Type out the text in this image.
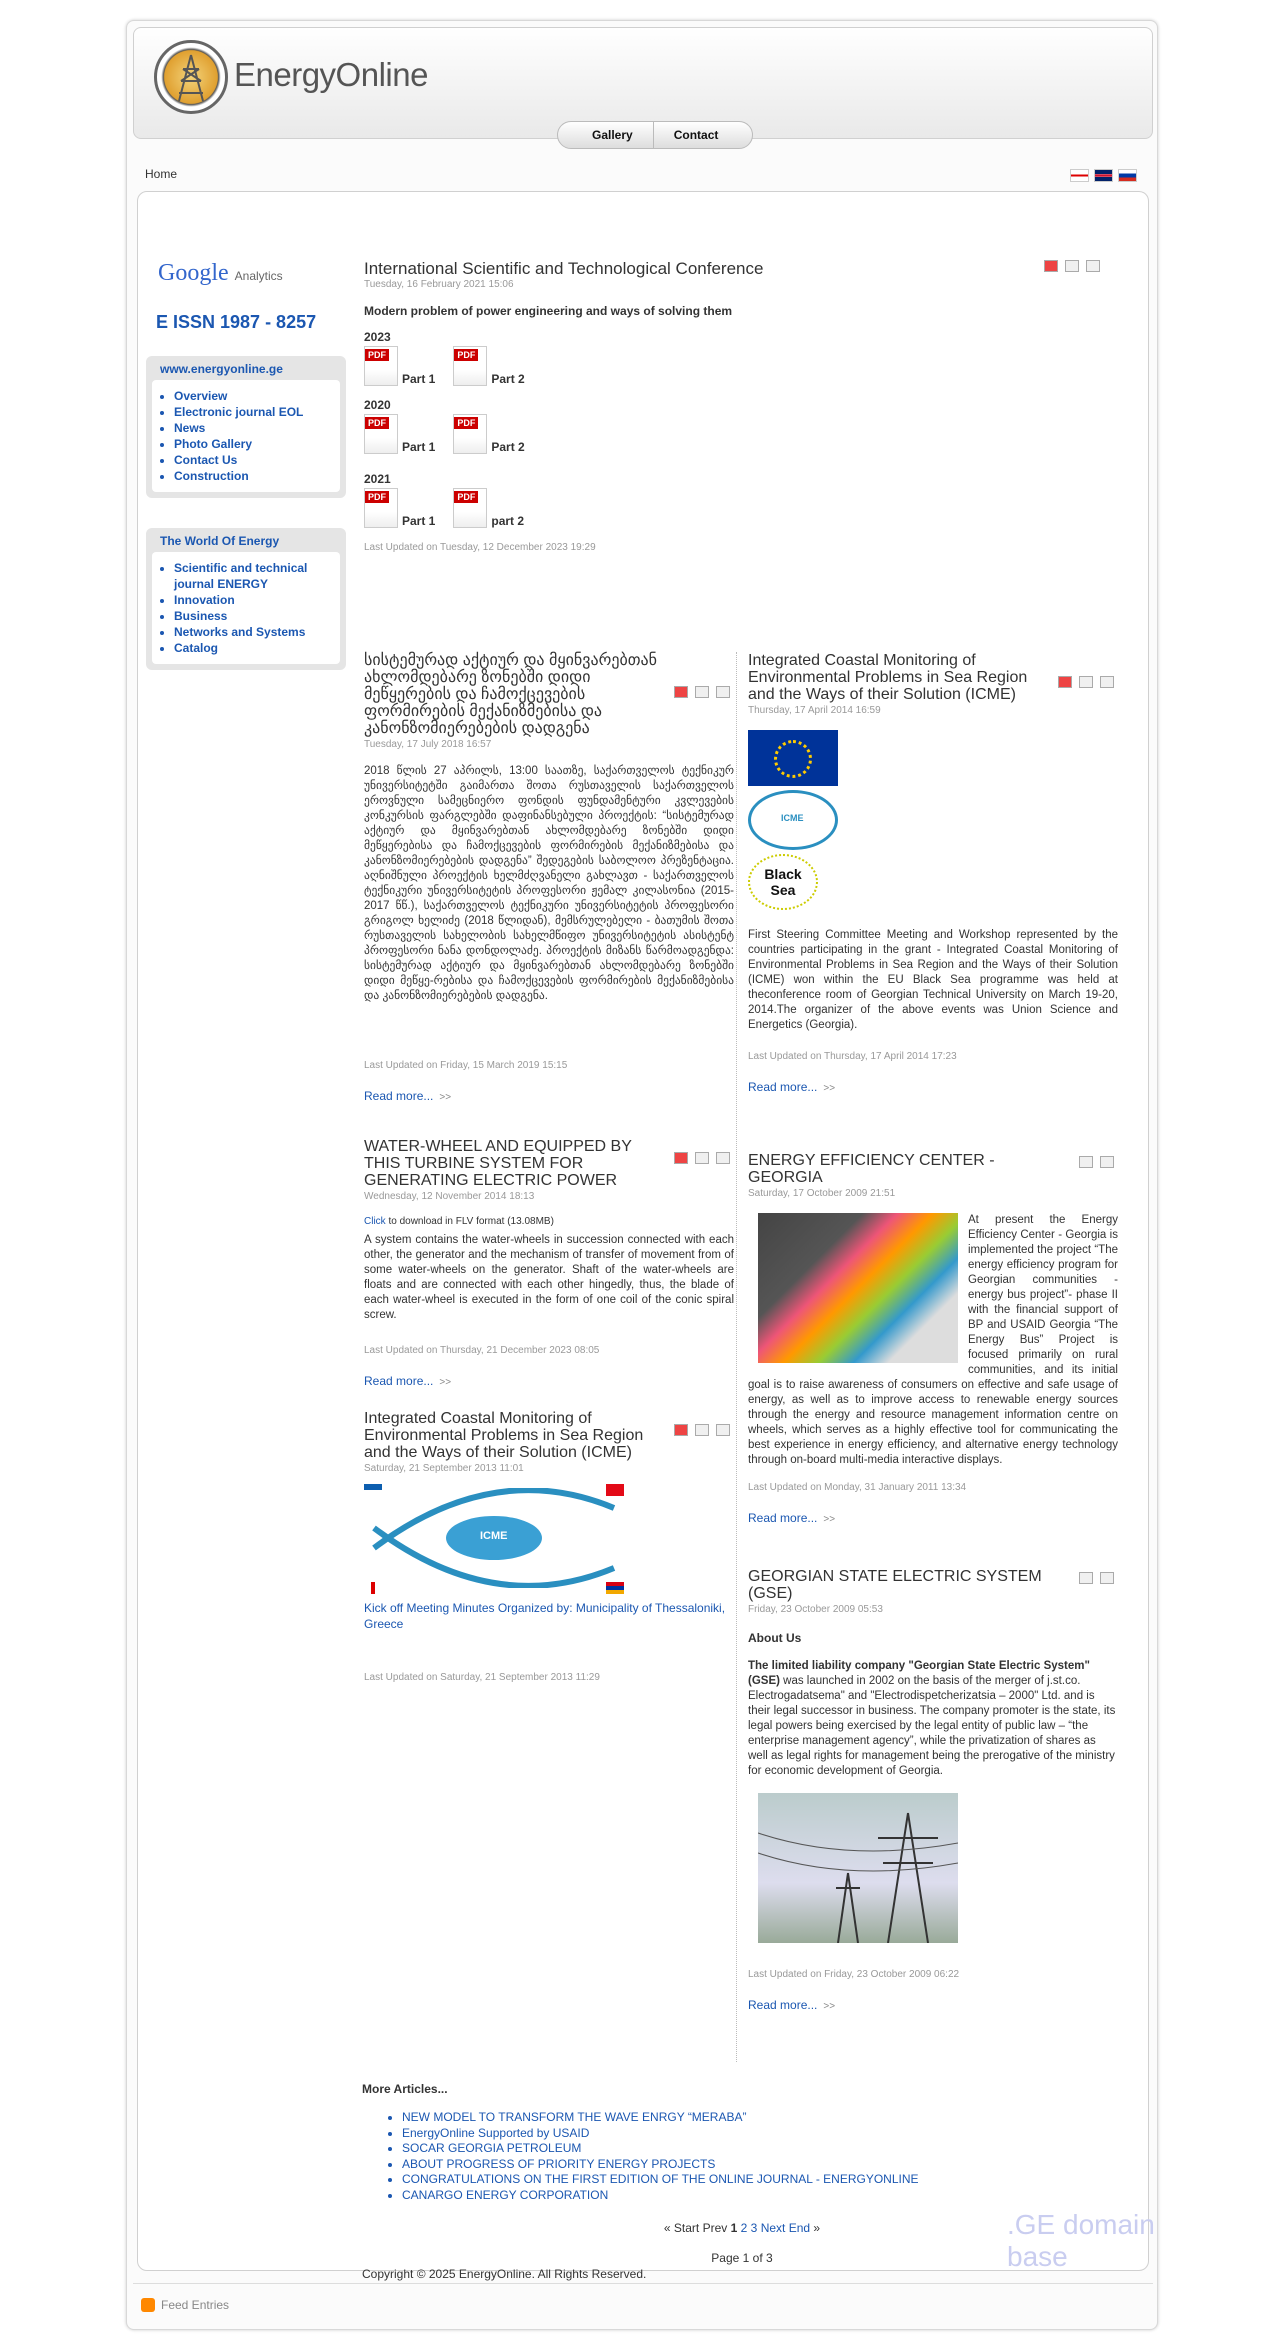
EnergyOnline
Gallery	Contact
Home
Google Analytics
E ISSN 1987 - 8257
www.energyonline.ge
• Overview
• Electronic journal EOL
• News
• Photo Gallery
• Contact Us
• Construction
The World Of Energy
• Scientific and technical journal ENERGY
• Innovation
• Business
• Networks and Systems
• Catalog
International Scientific and Technological Conference
Tuesday, 16 February 2021 15:06
Modern problem of power engineering and ways of solving them
2023
PDF
Part 1 PDF	Part 2
2020
PDF
Part 1 PDF	Part 2
2021
PDF
Part 1 PDF	part 2
Last Updated on Tuesday, 12 December 2023 19:29
სისტემურად აქტიურ და მყინვარებთან ახლომდებარე ზონებში დიდი მეწყერების და ჩამოქცევების ფორმირების მექანიზმებისა და კანონზომიერებების დადგენა
Tuesday, 17 July 2018 16:57
2018 წლის 27 აპრილს, 13:00 საათზე, საქართველოს ტექნიკურ უნივერსიტეტში გაიმართა შოთა რუსთაველის საქართველოს ეროვნული სამეცნიერო ფონდის ფუნდამენტური კვლევების კონკურსის ფარგლებში დაფინანსებული პროექტის: “სისტემურად აქტიურ და მყინვარებთან ახლომდებარე ზონებში დიდი მეწყერებისა და ჩამოქცევების ფორმირების მექანიზმებისა და კანონზომიერებების დადგენა” შედეგების საბოლოო პრეზენტაცია. აღნიშნული პროექტის ხელმძღვანელი გახლავთ - საქართველოს ტექნიკური უნივერსიტეტის პროფესორი ჟემალ კილასონია (2015-2017 წწ.), საქართველოს ტექნიკური უნივერსიტეტის პროფესორი გრიგოლ ხელიძე (2018 წლიდან), მემსრულებელი - ბათუმის შოთა რუსთაველის სახელობის სახელმწიფო უნივერსიტეტის ასისტენტ პროფესორი ნანა დონდოლაძე. პროექტის მიზანს წარმოადგენდა: სისტემურად აქტიურ და მყინვარებთან ახლომდებარე ზონებში დიდი მეწყე-რებისა და ჩამოქცევების ფორმირების მექანიზმებისა და კანონზომიერებების დადგენა.
Last Updated on Friday, 15 March 2019 15:15
Read more... >>
WATER-WHEEL AND EQUIPPED BY THIS TURBINE SYSTEM FOR GENERATING ELECTRIC POWER
Wednesday, 12 November 2014 18:13
Click to download in FLV format (13.08MB)
A system contains the water-wheels in succession connected with each other, the generator and the mechanism of transfer of movement from of some water-wheels on the generator. Shaft of the water-wheels are floats and are connected with each other hingedly, thus, the blade of each water-wheel is executed in the form of one coil of the conic spiral screw.
Last Updated on Thursday, 21 December 2023 08:05
Read more... >>
Integrated Coastal Monitoring of Environmental Problems in Sea Region and the Ways of their Solution (ICME)
Saturday, 21 September 2013 11:01
ICME
Kick off Meeting Minutes Organized by: Municipality of Thessaloniki, Greece
Last Updated on Saturday, 21 September 2013 11:29
Integrated Coastal Monitoring of Environmental Problems in Sea Region and the Ways of their Solution (ICME)
Thursday, 17 April 2014 16:59
ICME
Black Sea
First Steering Committee Meeting and Workshop represented by the countries participating in the grant - Integrated Coastal Monitoring of Environmental Problems in Sea Region and the Ways of their Solution (ICME) won within the EU Black Sea programme was held at theconference room of Georgian Technical University on March 19-20, 2014.The organizer of the above events was Union Science and Energetics (Georgia).
Last Updated on Thursday, 17 April 2014 17:23
Read more... >>
ENERGY EFFICIENCY CENTER - GEORGIA
Saturday, 17 October 2009 21:51
At present the Energy Efficiency Center - Georgia is implemented the project “The energy efficiency program for Georgian communities - energy bus project”- phase II with the financial support of BP and USAID Georgia “The Energy Bus” Project is focused primarily on rural communities, and its initial goal is to raise awareness of consumers on effective and safe usage of energy, as well as to improve access to renewable energy sources through the energy and resource management information centre on wheels, which serves as a highly effective tool for communicating the best experience in energy efficiency, and alternative energy technology through on-board multi-media interactive displays.
Last Updated on Monday, 31 January 2011 13:34
Read more... >>
GEORGIAN STATE ELECTRIC SYSTEM (GSE)
Friday, 23 October 2009 05:53
About Us
The limited liability company "Georgian State Electric System" (GSE) was launched in 2002 on the basis of the merger of j.st.co. Electrogadatsema" and "Electrodispetcherizatsia – 2000" Ltd. and is their legal successor in business. The company promoter is the state, its legal powers being exercised by the legal entity of public law – “the enterprise management agency”, while the privatization of shares as well as legal rights for management being the prerogative of the ministry for economic development of Georgia.
Last Updated on Friday, 23 October 2009 06:22
Read more... >>
More Articles...
• NEW MODEL TO TRANSFORM THE WAVE ENRGY “MERABA”
• EnergyOnline Supported by USAID
• SOCAR GEORGIA PETROLEUM
• ABOUT PROGRESS OF PRIORITY ENERGY PROJECTS
• CONGRATULATIONS ON THE FIRST EDITION OF THE ONLINE JOURNAL - ENERGYONLINE
• CANARGO ENERGY CORPORATION
« Start Prev 1 2 3 Next End »
Page 1 of 3
Copyright © 2025 EnergyOnline. All Rights Reserved.
.GE domain base
Feed Entries
